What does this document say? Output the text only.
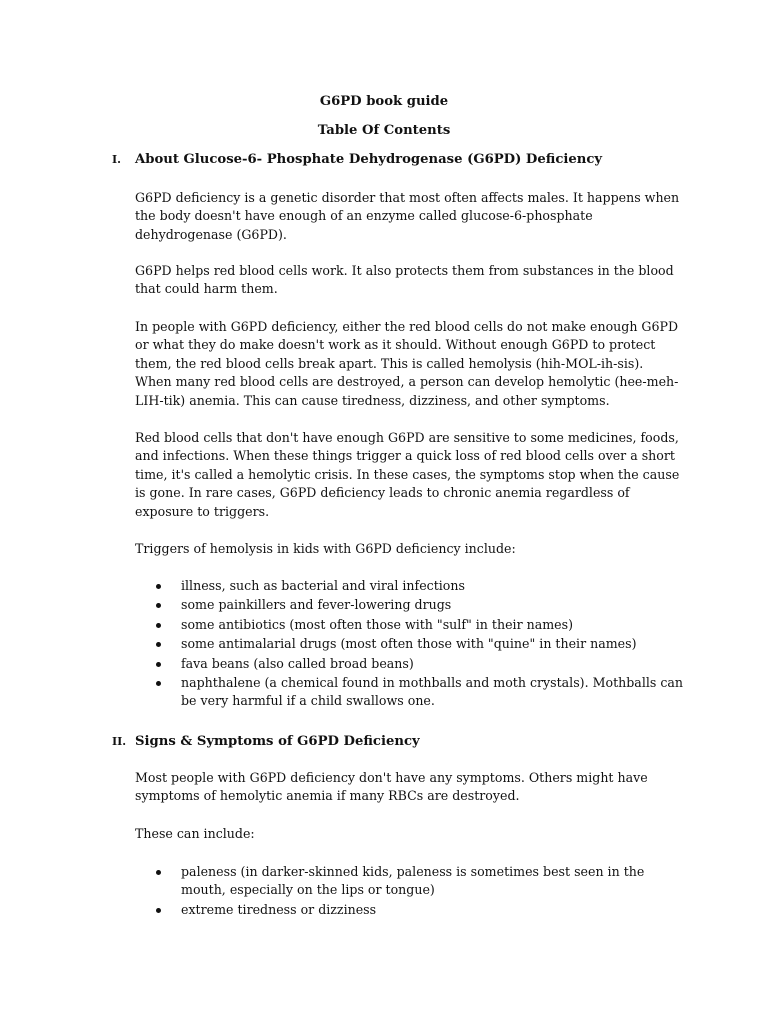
G6PD book guide
Table Of Contents
I. About Glucose-6- Phosphate Dehydrogenase (G6PD) Deficiency

G6PD deficiency is a genetic disorder that most often affects males. It happens when the body doesn't have enough of an enzyme called glucose-6-phosphate dehydrogenase (G6PD).

G6PD helps red blood cells work. It also protects them from substances in the blood that could harm them.

In people with G6PD deficiency, either the red blood cells do not make enough G6PD or what they do make doesn't work as it should. Without enough G6PD to protect them, the red blood cells break apart. This is called hemolysis (hih-MOL-ih-sis). When many red blood cells are destroyed, a person can develop hemolytic (hee-meh-LIH-tik) anemia. This can cause tiredness, dizziness, and other symptoms.

Red blood cells that don't have enough G6PD are sensitive to some medicines, foods, and infections. When these things trigger a quick loss of red blood cells over a short time, it's called a hemolytic crisis. In these cases, the symptoms stop when the cause is gone. In rare cases, G6PD deficiency leads to chronic anemia regardless of exposure to triggers.

Triggers of hemolysis in kids with G6PD deficiency include:

illness, such as bacterial and viral infections
some painkillers and fever-lowering drugs
some antibiotics (most often those with "sulf" in their names)
some antimalarial drugs (most often those with "quine" in their names)
fava beans (also called broad beans)
naphthalene (a chemical found in mothballs and moth crystals). Mothballs can be very harmful if a child swallows one.
II. Signs & Symptoms of G6PD Deficiency

Most people with G6PD deficiency don't have any symptoms. Others might have symptoms of hemolytic anemia if many RBCs are destroyed.

These can include:

paleness (in darker-skinned kids, paleness is sometimes best seen in the mouth, especially on the lips or tongue)
extreme tiredness or dizziness
